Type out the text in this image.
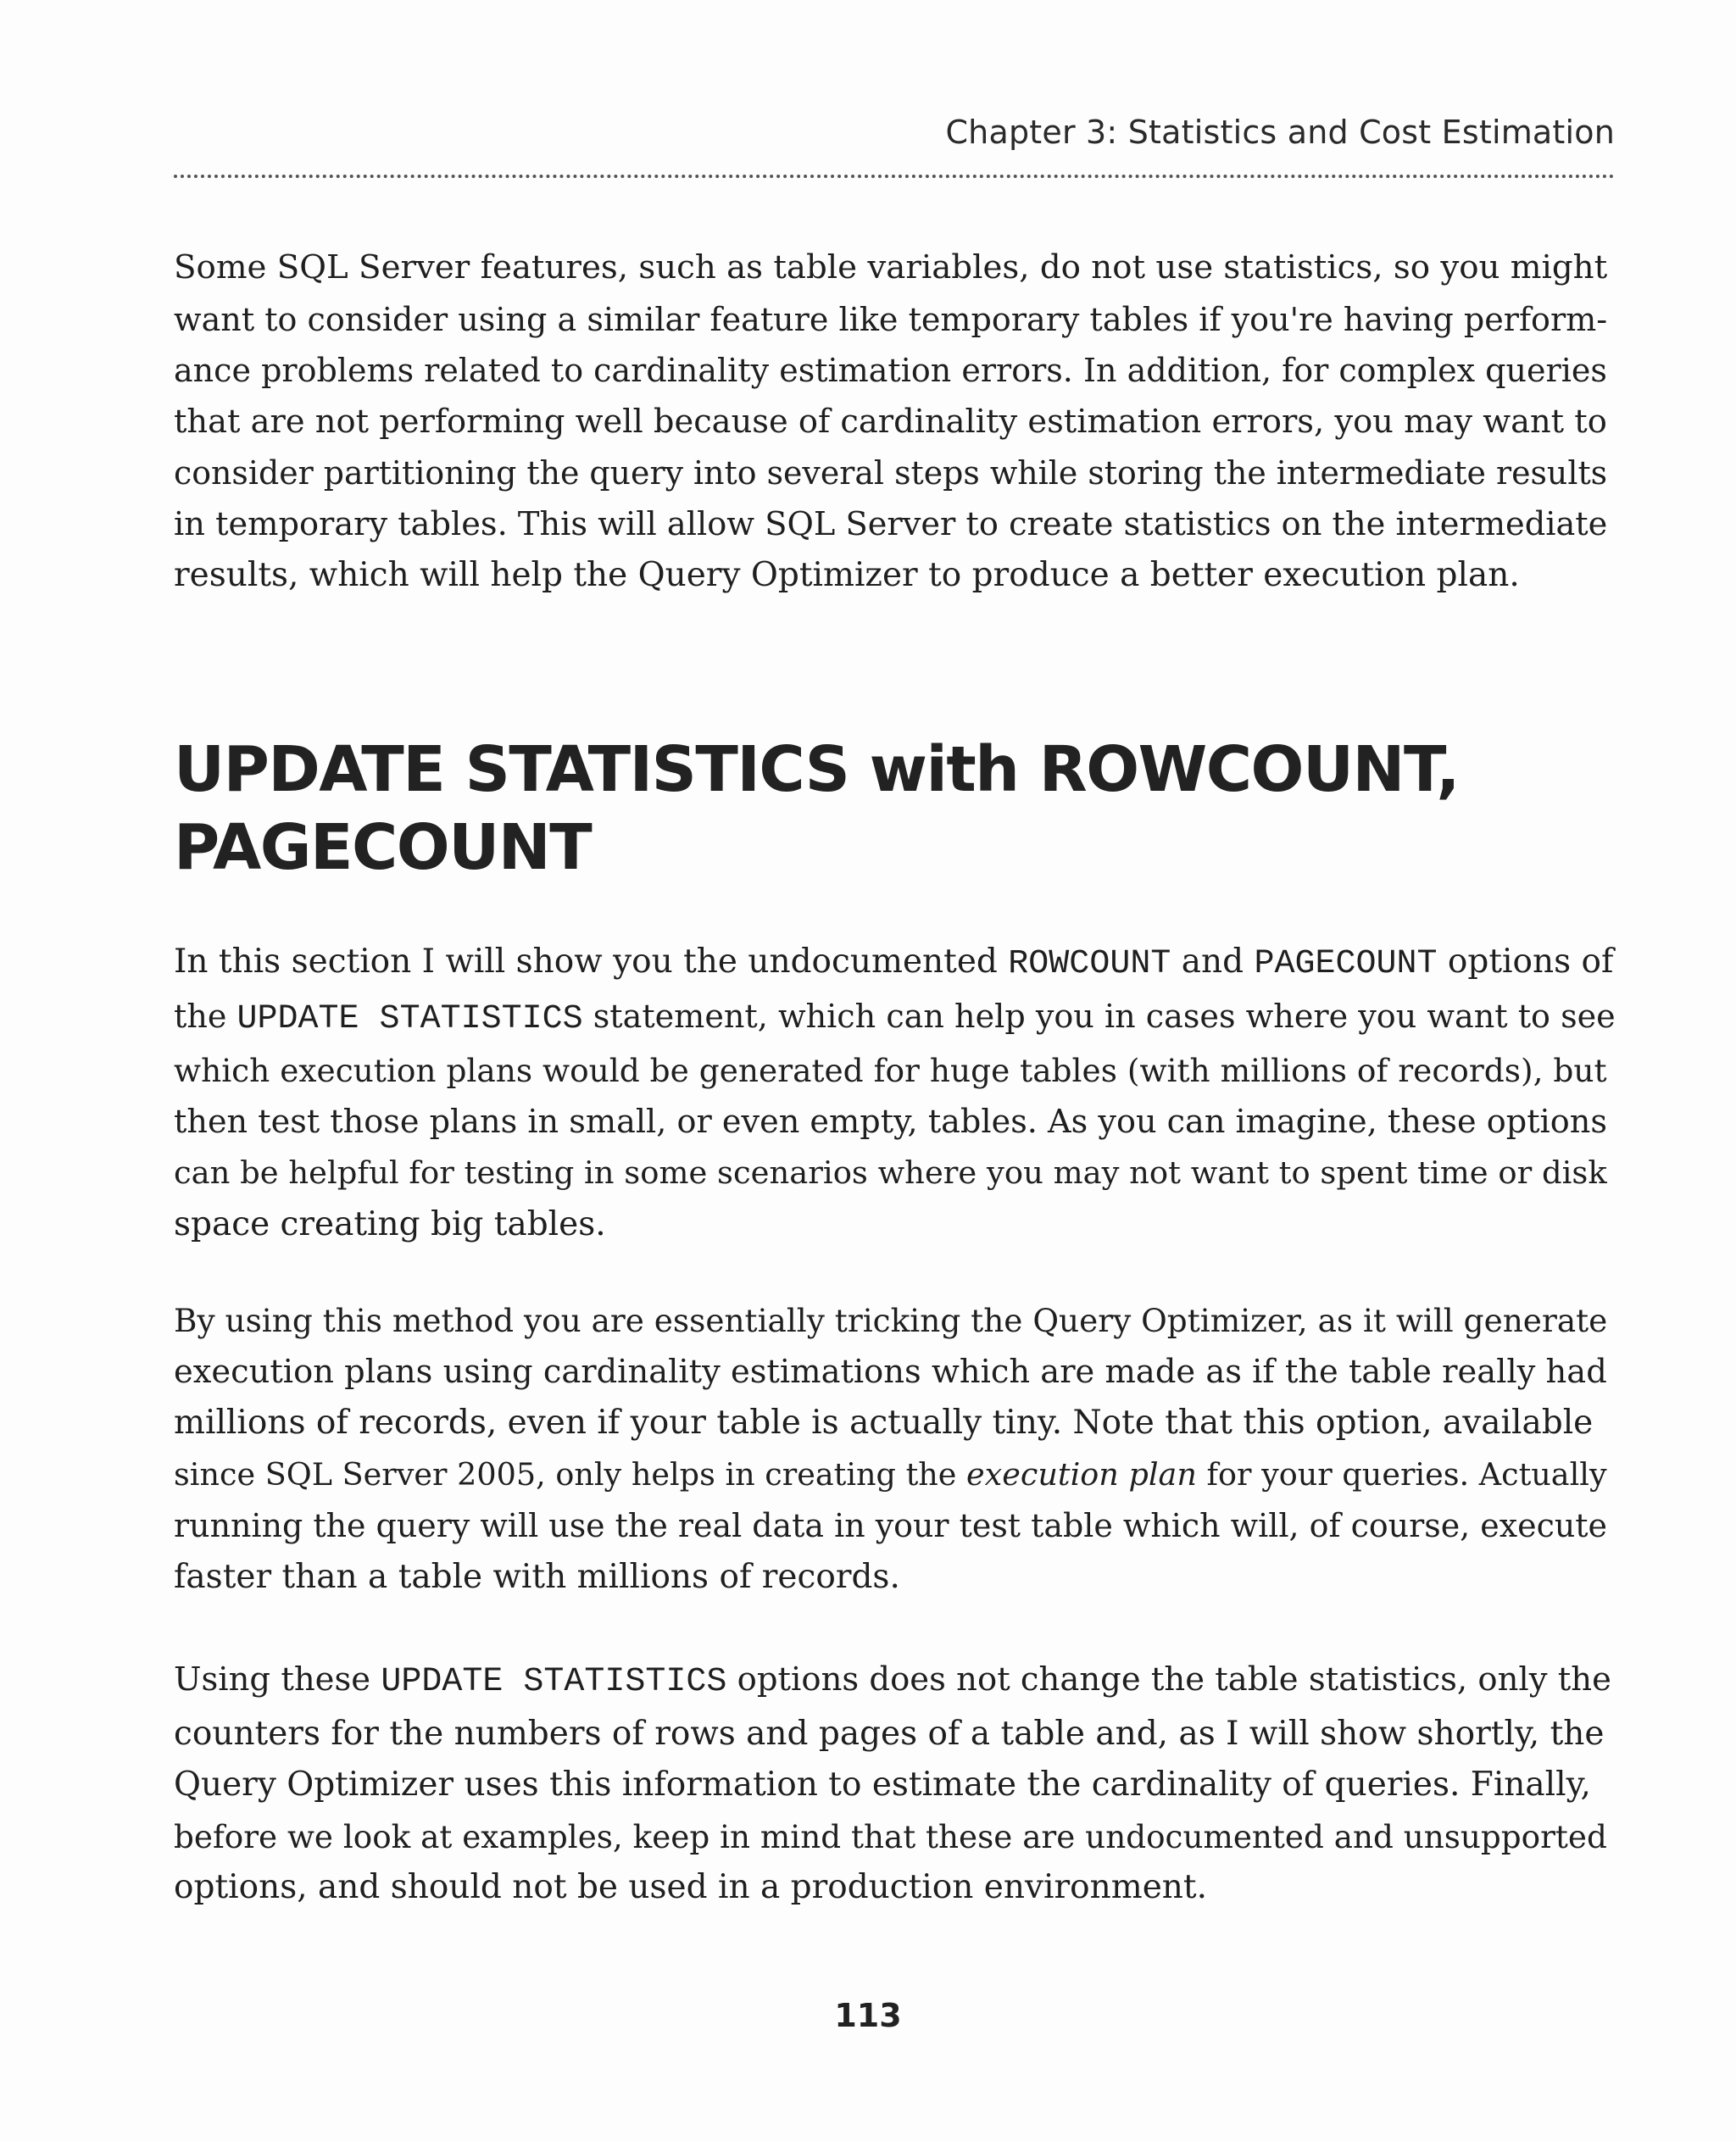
Chapter 3: Statistics and Cost Estimation

Some SQL Server features, such as table variables, do not use statistics, so you might
want to consider using a similar feature like temporary tables if you're having perform-
ance problems related to cardinality estimation errors. In addition, for complex queries
that are not performing well because of cardinality estimation errors, you may want to
consider partitioning the query into several steps while storing the intermediate results
in temporary tables. This will allow SQL Server to create statistics on the intermediate
results, which will help the Query Optimizer to produce a better execution plan.

UPDATE STATISTICS with ROWCOUNT,
PAGECOUNT

In this section I will show you the undocumented ROWCOUNT and PAGECOUNT options of
the UPDATE STATISTICS statement, which can help you in cases where you want to see
which execution plans would be generated for huge tables (with millions of records), but
then test those plans in small, or even empty, tables. As you can imagine, these options
can be helpful for testing in some scenarios where you may not want to spent time or disk
space creating big tables.

By using this method you are essentially tricking the Query Optimizer, as it will generate
execution plans using cardinality estimations which are made as if the table really had
millions of records, even if your table is actually tiny. Note that this option, available
since SQL Server 2005, only helps in creating the execution plan for your queries. Actually
running the query will use the real data in your test table which will, of course, execute
faster than a table with millions of records.

Using these UPDATE STATISTICS options does not change the table statistics, only the
counters for the numbers of rows and pages of a table and, as I will show shortly, the
Query Optimizer uses this information to estimate the cardinality of queries. Finally,
before we look at examples, keep in mind that these are undocumented and unsupported
options, and should not be used in a production environment.

113
